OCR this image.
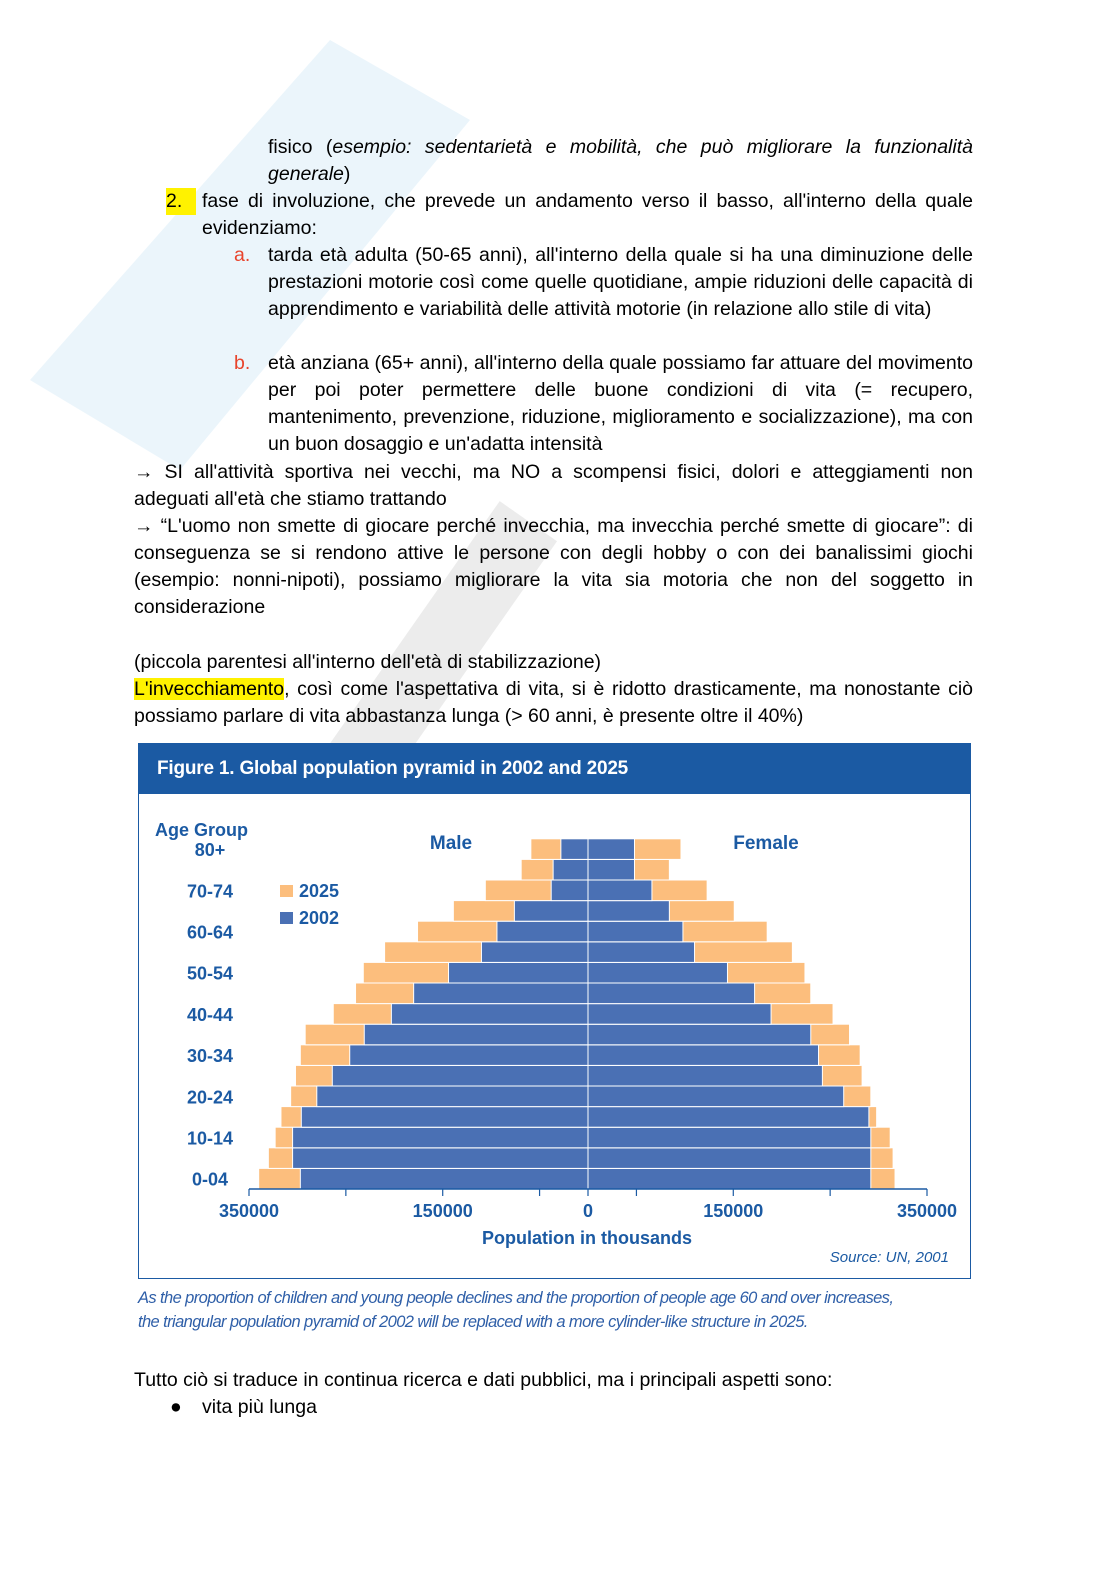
fisico (esempio: sedentarietà e mobilità, che può migliorare la funzionalità generale)
2.	fase di involuzione, che prevede un andamento verso il basso, all'interno della quale evidenziamo:
a. tarda età adulta (50-65 anni), all'interno della quale si ha una diminuzione delle prestazioni motorie così come quelle quotidiane, ampie riduzioni delle capacità di apprendimento e variabilità delle attività motorie (in relazione allo stile di vita)
b. età anziana (65+ anni), all'interno della quale possiamo far attuare del movimento per poi poter permettere delle buone condizioni di vita (= recupero, mantenimento, prevenzione, riduzione, miglioramento e socializzazione), ma con un buon dosaggio e un'adatta intensità
→ SI all'attività sportiva nei vecchi, ma NO a scompensi fisici, dolori e atteggiamenti non adeguati all'età che stiamo trattando
→ “L'uomo non smette di giocare perché invecchia, ma invecchia perché smette di giocare”: di conseguenza se si rendono attive le persone con degli hobby o con dei banalissimi giochi (esempio: nonni-nipoti), possiamo migliorare la vita sia motoria che non del soggetto in considerazione
(piccola parentesi all'interno dell'età di stabilizzazione)
L'invecchiamento, così come l'aspettativa di vita, si è ridotto drasticamente, ma nonostante ciò possiamo parlare di vita abbastanza lunga (> 60 anni, è presente oltre il 40%)
Figure 1. Global population pyramid in 2002 and 2025
0-04
10-14
20-24
30-34
40-44
50-54
60-64
70-74
80+
350000	150000	0	150000	350000
Age Group
Male	Female
2025
2002
Population in thousands
Source: UN, 2001
As the proportion of children and young people declines and the proportion of people age 60 and over increases, the triangular population pyramid of 2002 will be replaced with a more cylinder-like structure in 2025.
Tutto ciò si traduce in continua ricerca e dati pubblici, ma i principali aspetti sono:
● vita più lunga
